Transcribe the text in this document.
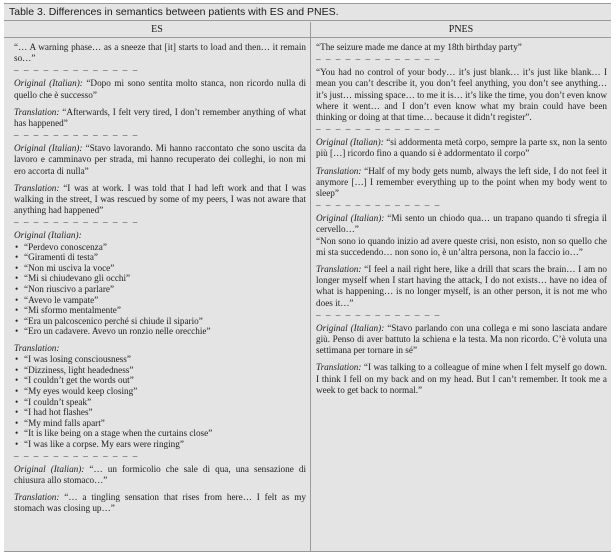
Table 3. Differences in semantics between patients with ES and PNES.
ES	PNES

“… A warning phase… as a sneeze that [it] starts to load and then… it remain so…”

– – – – – – – – – – – – –

Original (Italian): “Dopo mi sono sentita molto stanca, non ricordo nulla di quello che è successo”

Translation: “Afterwards, I felt very tired, I don’t remember anything of what has happened”

– – – – – – – – – – – – –

Original (Italian): “Stavo lavorando. Mi hanno raccontato che sono uscita da lavoro e camminavo per strada, mi hanno recuperato dei colleghi, io non mi ero accorta di nulla”

Translation: “I was at work. I was told that I had left work and that I was walking in the street, I was rescued by some of my peers, I was not aware that anything had happened”

– – – – – – – – – – – – –

Original (Italian):

• “Perdevo conoscenza”
• “Giramenti di testa”
• “Non mi usciva la voce”
• “Mi si chiudevano gli occhi”
• “Non riuscivo a parlare”
• “Avevo le vampate”
• “Mi sformo mentalmente”
• “Era un palcoscenico perché si chiude il sipario”
• “Ero un cadavere. Avevo un ronzio nelle orecchie”

Translation:

• “I was losing consciousness”
• “Dizziness, light headedness”
• “I couldn’t get the words out”
• “My eyes would keep closing”
• “I couldn’t speak”
• “I had hot flashes”
• “My mind falls apart”
• “It is like being on a stage when the curtains close”
• “I was like a corpse. My ears were ringing”
– – – – – – – – – – – – –

Original (Italian): “… un formicolio che sale di qua, una sensazione di chiusura allo stomaco…”

Translation: “… a tingling sensation that rises from here… I felt as my stomach was closing up…”

“The seizure made me dance at my 18th birthday party”

– – – – – – – – – – – – –

“You had no control of your body… it’s just blank… it’s just like blank… I mean you can’t describe it, you don’t feel anything, you don’t see anything… it’s just… missing space… to me it is… it’s like the time, you don’t even know where it went… and I don’t even know what my brain could have been thinking or doing at that time… because it didn’t register”.

– – – – – – – – – – – – –

Original (Italian): “si addormenta metà corpo, sempre la parte sx, non la sento più […] ricordo fino a quando si è addormentato il corpo”

Translation: “Half of my body gets numb, always the left side, I do not feel it anymore […] I remember everything up to the point when my body went to sleep”

– – – – – – – – – – – – –

Original (Italian): “Mi sento un chiodo qua… un trapano quando ti sfregia il cervello…”

“Non sono io quando inizio ad avere queste crisi, non esisto, non so quello che mi sta succedendo… non sono io, è un’altra persona, non la faccio io…”

Translation: “I feel a nail right here, like a drill that scars the brain… I am no longer myself when I start having the attack, I do not exists… have no idea of what is happening… is no longer myself, is an other person, it is not me who does it…”

– – – – – – – – – – – – –

Original (Italian): “Stavo parlando con una collega e mi sono lasciata andare giù. Penso di aver battuto la schiena e la testa. Ma non ricordo. C’è voluta una settimana per tornare in sé”

Translation: “I was talking to a colleague of mine when I felt myself go down. I think I fell on my back and on my head. But I can’t remember. It took me a week to get back to normal.”
